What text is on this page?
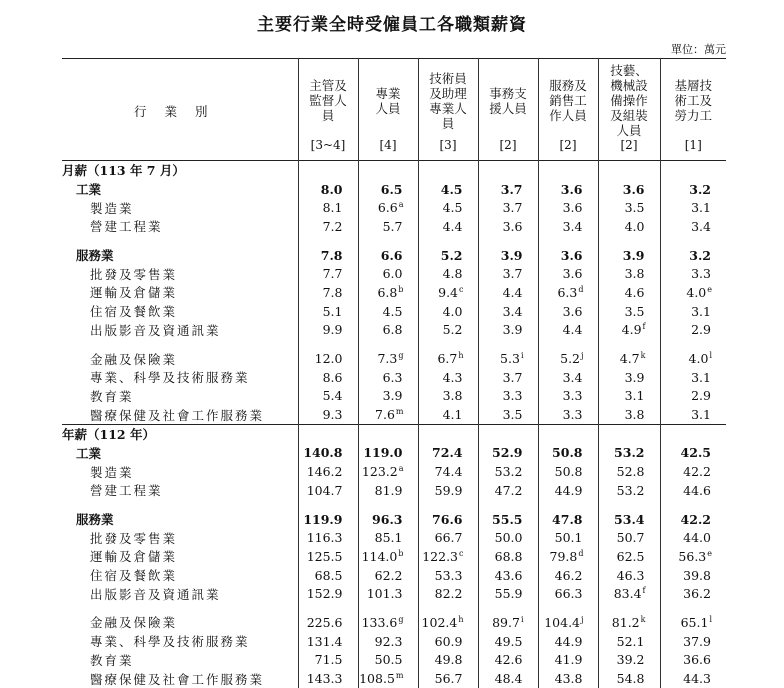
主要行業全時受僱員工各職類薪資
單位：萬元
行業別	主管及監督人員	專業人員	技術員及助理專業人員	事務支援人員	服務及銷售工作人員	技藝、機械設備操作及組裝人員	基層技術工及勞力工
	[3~4]	[4]	[3]	[2]	[2]	[2]	[1]
月薪（113 年 7 月）							
工業	8.0	6.5	4.5	3.7	3.6	3.6	3.2
製造業	8.1	6.6$^a$	4.5	3.7	3.6	3.5	3.1
營建工程業	7.2	5.7	4.4	3.6	3.4	4.0	3.4

服務業	7.8	6.6	5.2	3.9	3.6	3.9	3.2
批發及零售業	7.7	6.0	4.8	3.7	3.6	3.8	3.3
運輸及倉儲業	7.8	6.8$^b$	9.4$^c$	4.4	6.3$^d$	4.6	4.0e
住宿及餐飲業	5.1	4.5	4.0	3.4	3.6	3.5	3.1
出版影音及資通訊業	9.9	6.8	5.2	3.9	4.4	4.9$^f$	2.9

金融及保險業	12.0	7.3$^g$	6.7$^h$	5.3$^i$	5.2$^j$	4.7$^k$	4.0$^l$
專業、科學及技術服務業	8.6	6.3	4.3	3.7	3.4	3.9	3.1
教育業	5.4	3.9	3.8	3.3	3.3	3.1	2.9
醫療保健及社會工作服務業	9.3	7.6$^m$	4.1	3.5	3.3	3.8	3.1
年薪（112 年）							
工業	140.8	119.0	72.4	52.9	50.8	53.2	42.5
製造業	146.2	123.2$^a$	74.4	53.2	50.8	52.8	42.2
營建工程業	104.7	81.9	59.9	47.2	44.9	53.2	44.6

服務業	119.9	96.3	76.6	55.5	47.8	53.4	42.2
批發及零售業	116.3	85.1	66.7	50.0	50.1	50.7	44.0
運輸及倉儲業	125.5	114.0$^b$	122.3$^c$	68.8	79.8$^d$	62.5	56.3e
住宿及餐飲業	68.5	62.2	53.3	43.6	46.2	46.3	39.8
出版影音及資通訊業	152.9	101.3	82.2	55.9	66.3	83.4$^f$	36.2

金融及保險業	225.6	133.6$^g$	102.4$^h$	89.7$^i$	104.4$^j$	81.2$^k$	65.1$^l$
專業、科學及技術服務業	131.4	92.3	60.9	49.5	44.9	52.1	37.9
教育業	71.5	50.5	49.8	42.6	41.9	39.2	36.6
醫療保健及社會工作服務業	143.3	108.5$^m$	56.7	48.4	43.8	54.8	44.3
